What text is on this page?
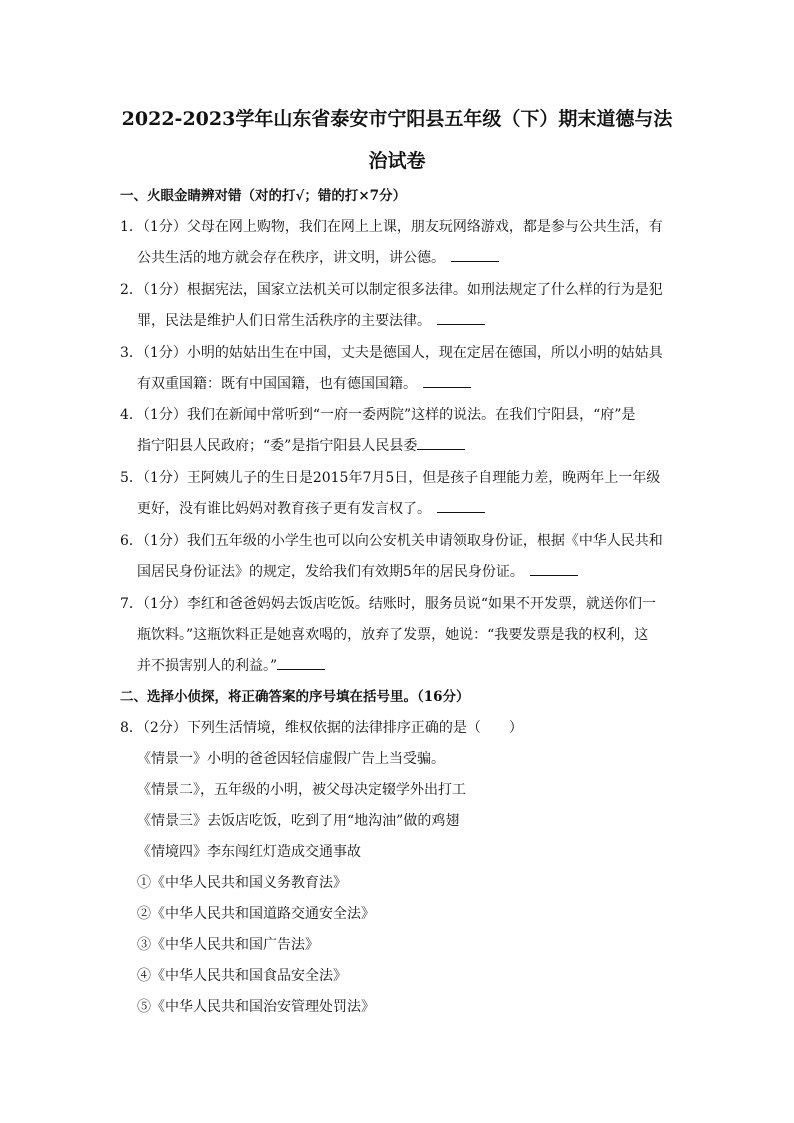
2022-2023学年山东省泰安市宁阳县五年级（下）期末道德与法
治试卷
一、火眼金睛辨对错（对的打√；错的打×7分）
1．（1分）父母在网上购物，我们在网上上课，朋友玩网络游戏，都是参与公共生活，有
公共生活的地方就会存在秩序，讲文明，讲公德。
2．（1分）根据宪法，国家立法机关可以制定很多法律。如刑法规定了什么样的行为是犯
罪，民法是维护人们日常生活秩序的主要法律。
3．（1分）小明的姑姑出生在中国，丈夫是德国人，现在定居在德国，所以小明的姑姑具
有双重国籍：既有中国国籍，也有德国国籍。
4．（1分）我们在新闻中常听到“一府一委两院”这样的说法。在我们宁阳县，“府”是
指宁阳县人民政府；“委”是指宁阳县人民县委
5．（1分）王阿姨儿子的生日是2015年7月5日，但是孩子自理能力差，晚两年上一年级
更好，没有谁比妈妈对教育孩子更有发言权了。
6．（1分）我们五年级的小学生也可以向公安机关申请领取身份证，根据《中华人民共和
国居民身份证法》的规定，发给我们有效期5年的居民身份证。
7．（1分）李红和爸爸妈妈去饭店吃饭。结账时，服务员说“如果不开发票，就送你们一
瓶饮料。”这瓶饮料正是她喜欢喝的，放弃了发票，她说：“我要发票是我的权利，这
并不损害别人的利益。”
二、选择小侦探，将正确答案的序号填在括号里。（16分）
8．（2分）下列生活情境，维权依据的法律排序正确的是（　　）
《情景一》小明的爸爸因轻信虚假广告上当受骗。
《情景二》，五年级的小明，被父母决定辍学外出打工
《情景三》去饭店吃饭，吃到了用“地沟油”做的鸡翅
《情境四》李东闯红灯造成交通事故
①《中华人民共和国义务教育法》
②《中华人民共和国道路交通安全法》
③《中华人民共和国广告法》
④《中华人民共和国食品安全法》
⑤《中华人民共和国治安管理处罚法》
